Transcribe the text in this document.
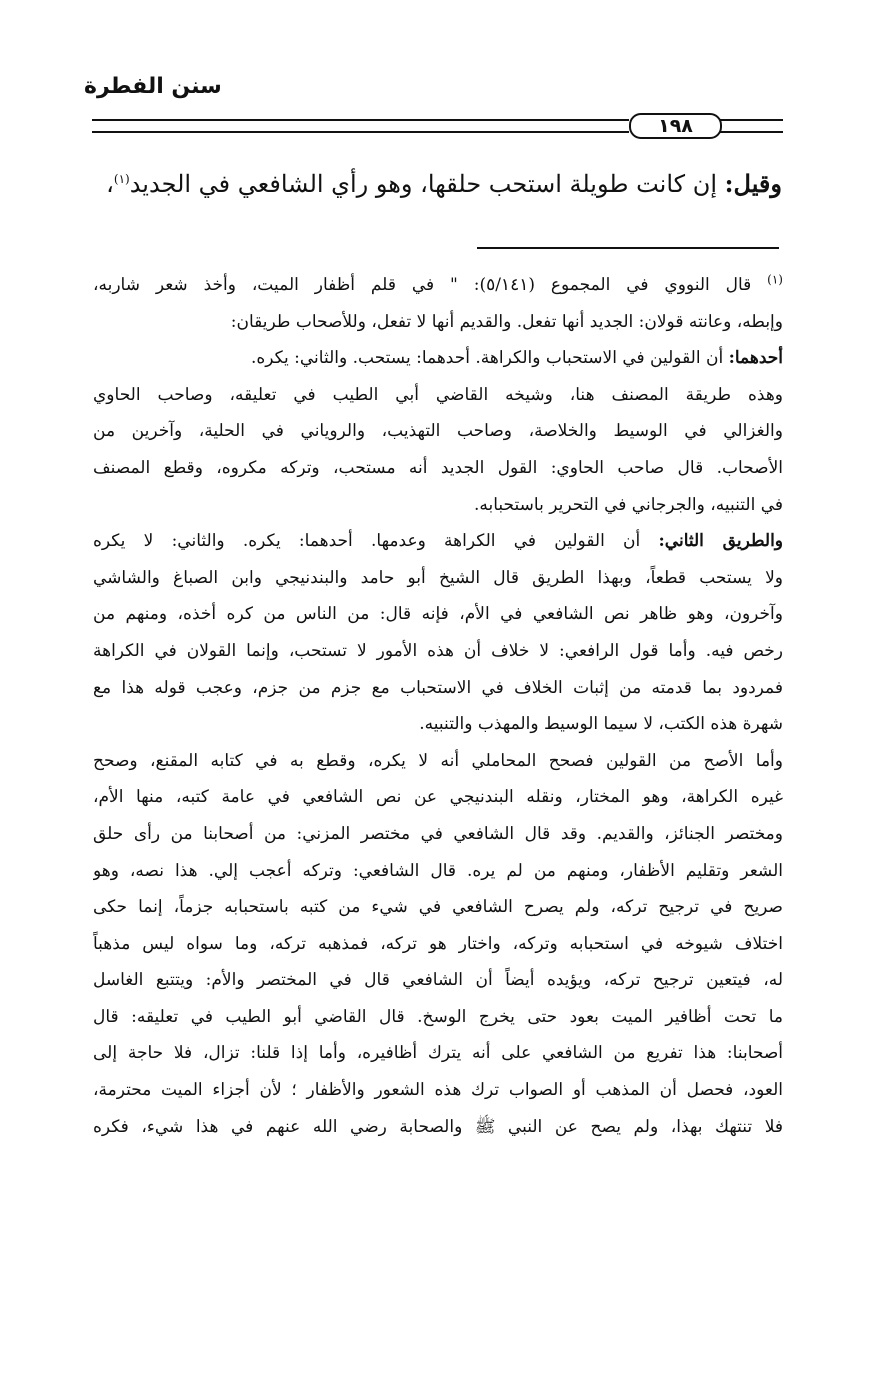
سنن الفطرة
١٩٨
وقيل: إن كانت طويلة استحب حلقها، وهو رأي الشافعي في الجديد$^{(١)}$،
$^{(١)}$ قال النووي في المجموع (٥/١٤١): " في قلم أظفار الميت، وأخذ شعر شاربه،
وإبطه، وعانته قولان: الجديد أنها تفعل. والقديم أنها لا تفعل، وللأصحاب طريقان:
أحدهما: أن القولين في الاستحباب والكراهة. أحدهما: يستحب. والثاني: يكره.
وهذه طريقة المصنف هنا، وشيخه القاضي أبي الطيب في تعليقه، وصاحب الحاوي
والغزالي في الوسيط والخلاصة، وصاحب التهذيب، والروياني في الحلية، وآخرين من
الأصحاب. قال صاحب الحاوي: القول الجديد أنه مستحب، وتركه مكروه، وقطع المصنف
في التنبيه، والجرجاني في التحرير باستحبابه.
والطريق الثاني: أن القولين في الكراهة وعدمها. أحدهما: يكره. والثاني: لا يكره
ولا يستحب قطعاً، وبهذا الطريق قال الشيخ أبو حامد والبندنيجي وابن الصباغ والشاشي
وآخرون، وهو ظاهر نص الشافعي في الأم، فإنه قال: من الناس من كره أخذه، ومنهم من
رخص فيه. وأما قول الرافعي: لا خلاف أن هذه الأمور لا تستحب، وإنما القولان في الكراهة
فمردود بما قدمته من إثبات الخلاف في الاستحباب مع جزم من جزم، وعجب قوله هذا مع
شهرة هذه الكتب، لا سيما الوسيط والمهذب والتنبيه.
وأما الأصح من القولين فصحح المحاملي أنه لا يكره، وقطع به في كتابه المقنع، وصحح
غيره الكراهة، وهو المختار، ونقله البندنيجي عن نص الشافعي في عامة كتبه، منها الأم،
ومختصر الجنائز، والقديم. وقد قال الشافعي في مختصر المزني: من أصحابنا من رأى حلق
الشعر وتقليم الأظفار، ومنهم من لم يره. قال الشافعي: وتركه أعجب إلي. هذا نصه، وهو
صريح في ترجيح تركه، ولم يصرح الشافعي في شيء من كتبه باستحبابه جزماً، إنما حكى
اختلاف شيوخه في استحبابه وتركه، واختار هو تركه، فمذهبه تركه، وما سواه ليس مذهباً
له، فيتعين ترجيح تركه، ويؤيده أيضاً أن الشافعي قال في المختصر والأم: ويتتبع الغاسل
ما تحت أظافير الميت بعود حتى يخرج الوسخ. قال القاضي أبو الطيب في تعليقه: قال
أصحابنا: هذا تفريع من الشافعي على أنه يترك أظافيره، وأما إذا قلنا: تزال، فلا حاجة إلى
العود، فحصل أن المذهب أو الصواب ترك هذه الشعور والأظفار ؛ لأن أجزاء الميت محترمة،
فلا تنتهك بهذا، ولم يصح عن النبي ﷺ والصحابة رضي الله عنهم في هذا شيء، فكره
